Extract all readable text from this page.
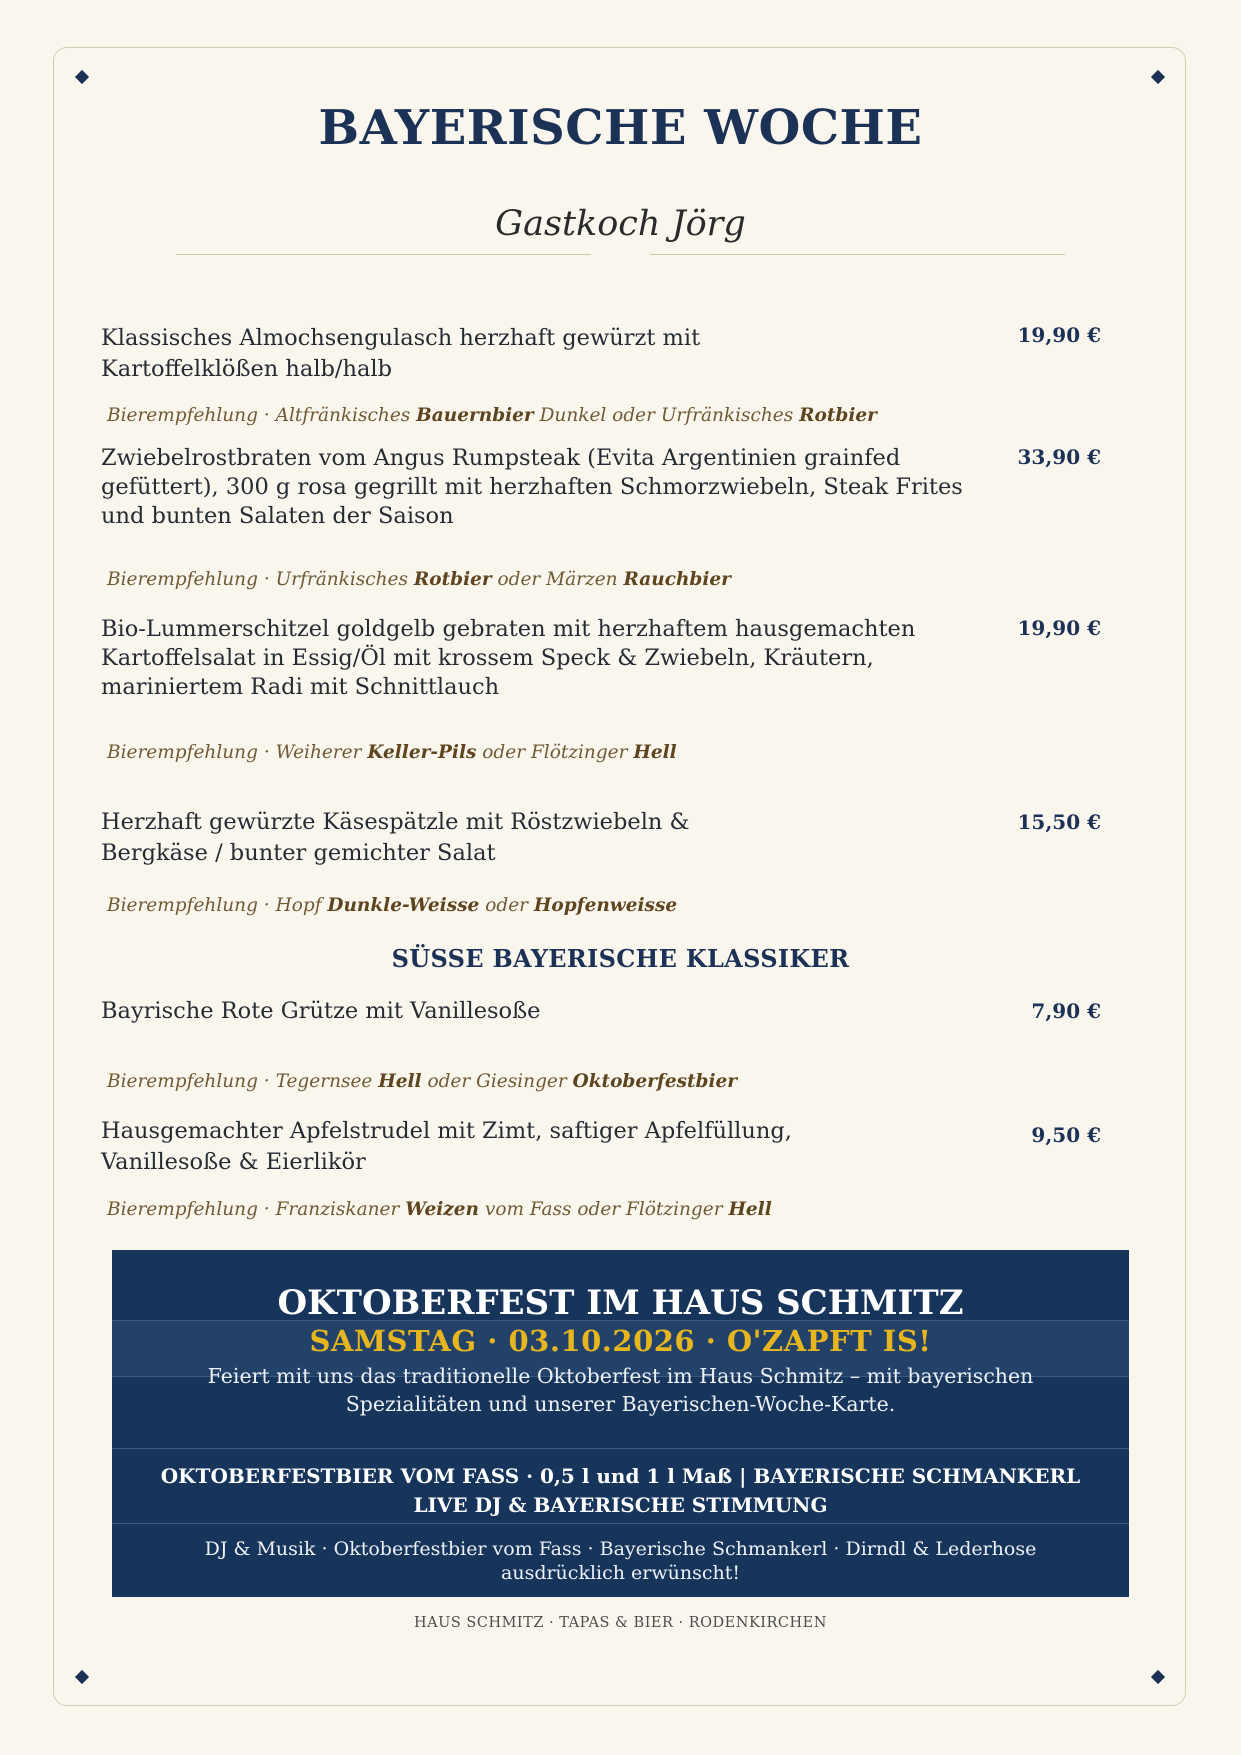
BAYERISCHE WOCHE
Gastkoch Jörg
Klassisches Almochsengulasch herzhaft gewürzt mit Kartoffelklößen halb/halb
19,90 €
Bierempfehlung · Altfränkisches Bauernbier Dunkel oder Urfränkisches Rotbier
Zwiebelrostbraten vom Angus Rumpsteak (Evita Argentinien grainfed gefüttert), 300 g rosa gegrillt mit herzhaften Schmorzwiebeln, Steak Frites und bunten Salaten der Saison
33,90 €
Bierempfehlung · Urfränkisches Rotbier oder Märzen Rauchbier
Bio-Lummerschitzel goldgelb gebraten mit herzhaftem hausgemachten Kartoffelsalat in Essig/Öl mit krossem Speck & Zwiebeln, Kräutern, mariniertem Radi mit Schnittlauch
19,90 €
Bierempfehlung · Weiherer Keller-Pils oder Flötzinger Hell
Herzhaft gewürzte Käsespätzle mit Röstzwiebeln & Bergkäse / bunter gemichter Salat
15,50 €
Bierempfehlung · Hopf Dunkle-Weisse oder Hopfenweisse
SÜSSE BAYERISCHE KLASSIKER
Bayrische Rote Grütze mit Vanillesoße	7,90 €
Bierempfehlung · Tegernsee Hell oder Giesinger Oktoberfestbier
Hausgemachter Apfelstrudel mit Zimt, saftiger Apfelfüllung, Vanillesoße & Eierlikör
9,50 €
Bierempfehlung · Franziskaner Weizen vom Fass oder Flötzinger Hell
OKTOBERFEST IM HAUS SCHMITZ
SAMSTAG · 03.10.2026 · O'ZAPFT IS!
Feiert mit uns das traditionelle Oktoberfest im Haus Schmitz – mit bayerischen Spezialitäten und unserer Bayerischen-Woche-Karte.
OKTOBERFESTBIER VOM FASS · 0,5 l und 1 l Maß | BAYERISCHE SCHMANKERL
LIVE DJ & BAYERISCHE STIMMUNG
DJ & Musik · Oktoberfestbier vom Fass · Bayerische Schmankerl · Dirndl & Lederhose ausdrücklich erwünscht!
HAUS SCHMITZ · TAPAS & BIER · RODENKIRCHEN
